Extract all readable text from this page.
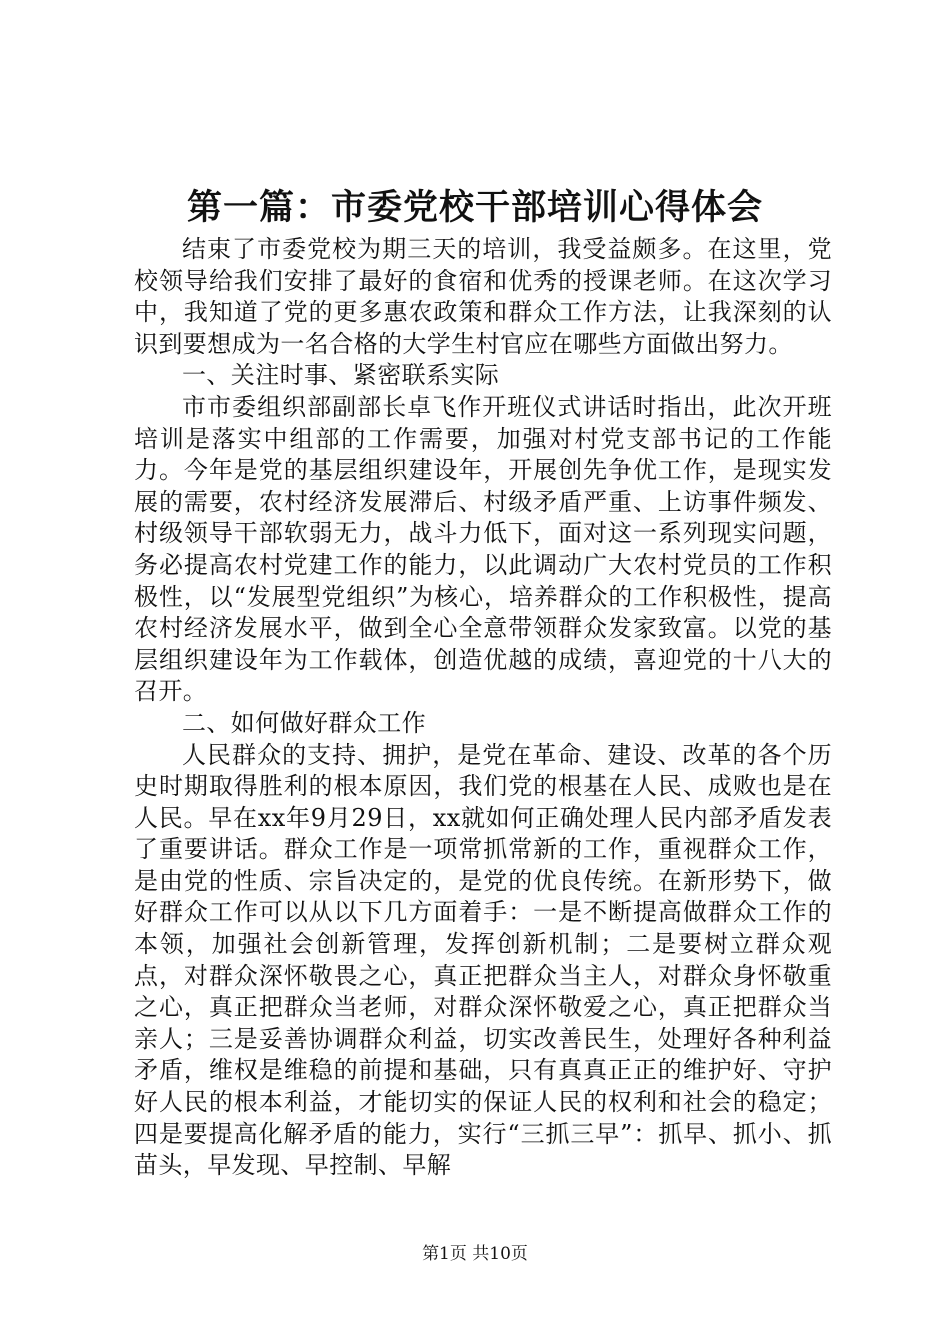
第一篇：市委党校干部培训心得体会

结束了市委党校为期三天的培训，我受益颇多。在这里，党校领导给我们安排了最好的食宿和优秀的授课老师。在这次学习中，我知道了党的更多惠农政策和群众工作方法，让我深刻的认识到要想成为一名合格的大学生村官应在哪些方面做出努力。

一、关注时事、紧密联系实际

市市委组织部副部长卓飞作开班仪式讲话时指出，此次开班培训是落实中组部的工作需要，加强对村党支部书记的工作能力。今年是党的基层组织建设年，开展创先争优工作，是现实发展的需要，农村经济发展滞后、村级矛盾严重、上访事件频发、村级领导干部软弱无力，战斗力低下，面对这一系列现实问题，务必提高农村党建工作的能力，以此调动广大农村党员的工作积极性，以“发展型党组织”为核心，培养群众的工作积极性，提高农村经济发展水平，做到全心全意带领群众发家致富。以党的基层组织建设年为工作载体，创造优越的成绩，喜迎党的十八大的召开。

二、如何做好群众工作

人民群众的支持、拥护，是党在革命、建设、改革的各个历史时期取得胜利的根本原因，我们党的根基在人民、成败也是在人民。早在xx年9月29日，xx就如何正确处理人民内部矛盾发表了重要讲话。群众工作是一项常抓常新的工作，重视群众工作，是由党的性质、宗旨决定的，是党的优良传统。在新形势下，做好群众工作可以从以下几方面着手：一是不断提高做群众工作的本领，加强社会创新管理，发挥创新机制；二是要树立群众观点，对群众深怀敬畏之心，真正把群众当主人，对群众身怀敬重之心，真正把群众当老师，对群众深怀敬爱之心，真正把群众当亲人；三是妥善协调群众利益，切实改善民生，处理好各种利益矛盾，维权是维稳的前提和基础，只有真真正正的维护好、守护好人民的根本利益，才能切实的保证人民的权利和社会的稳定；四是要提高化解矛盾的能力，实行“三抓三早”：抓早、抓小、抓苗头，早发现、早控制、早解

第1页 共10页
